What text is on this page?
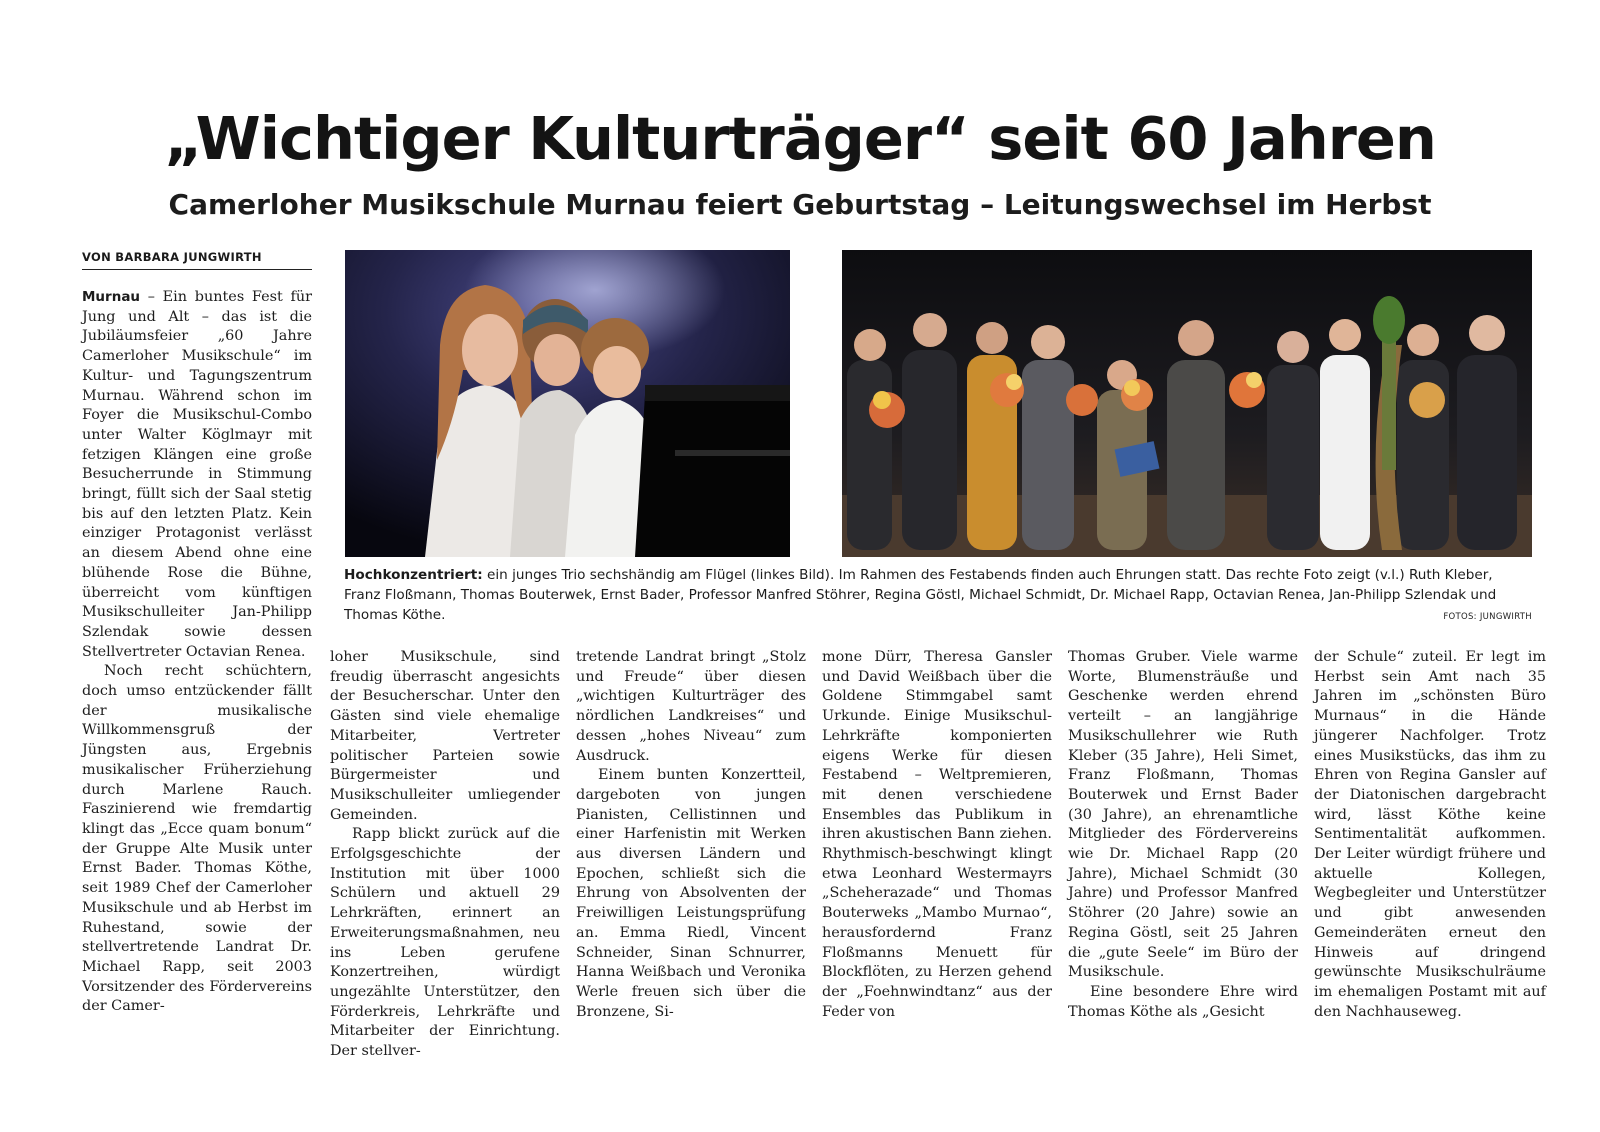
„Wichtiger Kulturträger“ seit 60 Jahren
Camerloher Musikschule Murnau feiert Geburtstag – Leitungswechsel im Herbst
VON BARBARA JUNGWIRTH
Hochkonzentriert: ein junges Trio sechshändig am Flügel (linkes Bild). Im Rahmen des Festabends finden auch Ehrungen statt. Das rechte Foto zeigt (v.l.) Ruth Kleber, Franz Floßmann, Thomas Bouterwek, Ernst Bader, Professor Manfred Stöhrer, Regina Göstl, Michael Schmidt, Dr. Michael Rapp, Octavian Renea, Jan-Philipp Szlendak und Thomas Köthe.	FOTOS: JUNGWIRTH

Murnau – Ein buntes Fest für Jung und Alt – das ist die Jubiläumsfeier „60 Jahre Camerloher Musikschule“ im Kultur- und Tagungszentrum Murnau. Während schon im Foyer die Musikschul-Combo unter Walter Köglmayr mit fetzigen Klängen eine große Besucherrunde in Stimmung bringt, füllt sich der Saal stetig bis auf den letzten Platz. Kein einziger Protagonist verlässt an diesem Abend ohne eine blühende Rose die Bühne, überreicht vom künftigen Musikschulleiter Jan-Philipp Szlendak sowie dessen Stellvertreter Octavian Renea.

Noch recht schüchtern, doch umso entzückender fällt der musikalische Willkommensgruß der Jüngsten aus, Ergebnis musikalischer Früherziehung durch Marlene Rauch. Faszinierend wie fremdartig klingt das „Ecce quam bonum“ der Gruppe Alte Musik unter Ernst Bader. Thomas Köthe, seit 1989 Chef der Camerloher Musikschule und ab Herbst im Ruhestand, sowie der stellvertretende Landrat Dr. Michael Rapp, seit 2003 Vorsitzender des Fördervereins der Camer-

loher Musikschule, sind freudig überrascht angesichts der Besucherschar. Unter den Gästen sind viele ehemalige Mitarbeiter, Vertreter politischer Parteien sowie Bürgermeister und Musikschulleiter umliegender Gemeinden.

Rapp blickt zurück auf die Erfolgsgeschichte der Institution mit über 1000 Schülern und aktuell 29 Lehrkräften, erinnert an Erweiterungsmaßnahmen, neu ins Leben gerufene Konzertreihen, würdigt ungezählte Unterstützer, den Förderkreis, Lehrkräfte und Mitarbeiter der Einrichtung. Der stellver-

tretende Landrat bringt „Stolz und Freude“ über diesen „wichtigen Kulturträger des nördlichen Landkreises“ und dessen „hohes Niveau“ zum Ausdruck.

Einem bunten Konzertteil, dargeboten von jungen Pianisten, Cellistinnen und einer Harfenistin mit Werken aus diversen Ländern und Epochen, schließt sich die Ehrung von Absolventen der Freiwilligen Leistungsprüfung an. Emma Riedl, Vincent Schneider, Sinan Schnurrer, Hanna Weißbach und Veronika Werle freuen sich über die Bronzene, Si-

mone Dürr, Theresa Gansler und David Weißbach über die Goldene Stimmgabel samt Urkunde. Einige Musikschul-Lehrkräfte komponierten eigens Werke für diesen Festabend – Weltpremieren, mit denen verschiedene Ensembles das Publikum in ihren akustischen Bann ziehen. Rhythmisch-beschwingt klingt etwa Leonhard Westermayrs „Scheherazade“ und Thomas Bouterweks „Mambo Murnao“, herausfordernd Franz Floßmanns Menuett für Blockflöten, zu Herzen gehend der „Foehnwindtanz“ aus der Feder von

Thomas Gruber. Viele warme Worte, Blumensträuße und Geschenke werden ehrend verteilt – an langjährige Musikschullehrer wie Ruth Kleber (35 Jahre), Heli Simet, Franz Floßmann, Thomas Bouterwek und Ernst Bader (30 Jahre), an ehrenamtliche Mitglieder des Fördervereins wie Dr. Michael Rapp (20 Jahre), Michael Schmidt (30 Jahre) und Professor Manfred Stöhrer (20 Jahre) sowie an Regina Göstl, seit 25 Jahren die „gute Seele“ im Büro der Musikschule.

Eine besondere Ehre wird Thomas Köthe als „Gesicht

der Schule“ zuteil. Er legt im Herbst sein Amt nach 35 Jahren im „schönsten Büro Murnaus“ in die Hände jüngerer Nachfolger. Trotz eines Musikstücks, das ihm zu Ehren von Regina Gansler auf der Diatonischen dargebracht wird, lässt Köthe keine Sentimentalität aufkommen. Der Leiter würdigt frühere und aktuelle Kollegen, Wegbegleiter und Unterstützer und gibt anwesenden Gemeinderäten erneut den Hinweis auf dringend gewünschte Musikschulräume im ehemaligen Postamt mit auf den Nachhauseweg.
